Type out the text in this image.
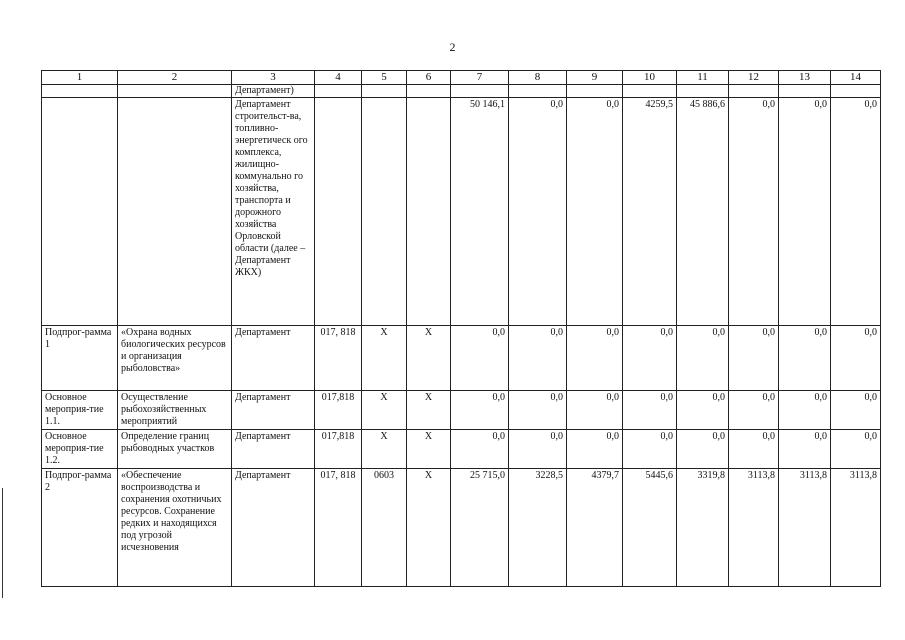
2
1	2	3	4	5	6	7	8	9	10	11	12	13	14
		Департамент)											
		Департамент строительст-ва, топливно-энергетическ ого комплекса, жилищно-коммунально го хозяйства, транспорта и дорожного хозяйства Орловской области (далее – Департамент ЖКХ)				50 146,1	0,0	0,0	4259,5	45 886,6	0,0	0,0	0,0
Подпрог-рамма 1	«Охрана водных биологических ресурсов и организация рыболовства»	Департамент	017, 818	Х	Х	0,0	0,0	0,0	0,0	0,0	0,0	0,0	0,0
Основное мероприя-тие 1.1.	Осуществление рыбохозяйственных мероприятий	Департамент	017,818	Х	Х	0,0	0,0	0,0	0,0	0,0	0,0	0,0	0,0
Основное мероприя-тие 1.2.	Определение границ рыбоводных участков	Департамент	017,818	Х	Х	0,0	0,0	0,0	0,0	0,0	0,0	0,0	0,0
Подпрог-рамма 2	«Обеспечение воспроизводства и сохранения охотничьих ресурсов. Сохранение редких и находящихся под угрозой исчезновения	Департамент	017, 818	0603	Х	25 715,0	3228,5	4379,7	5445,6	3319,8	3113,8	3113,8	3113,8
